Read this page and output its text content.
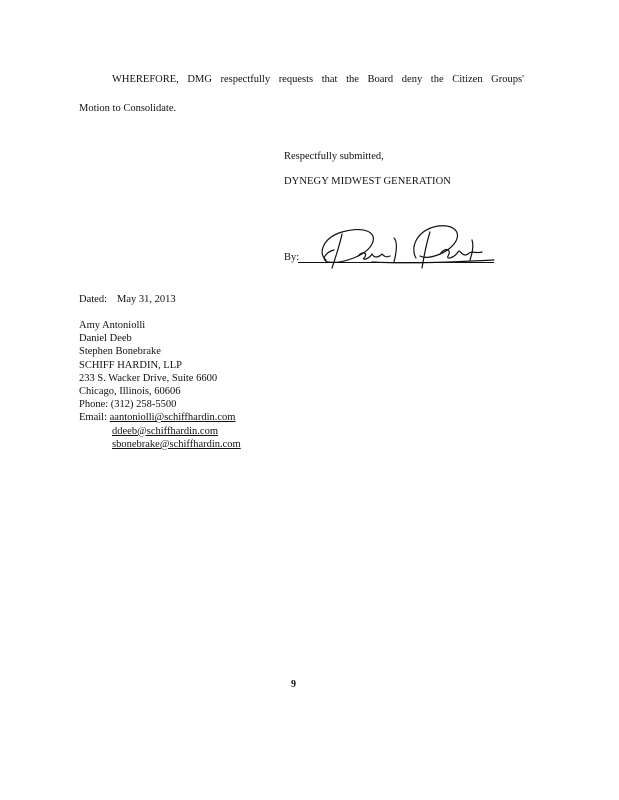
WHEREFORE, DMG respectfully requests that the Board deny the Citizen Groups'
Motion to Consolidate.
Respectfully submitted,
DYNEGY MIDWEST GENERATION
By:
Dated: May 31, 2013
Amy Antoniolli
Daniel Deeb
Stephen Bonebrake
SCHIFF HARDIN, LLP
233 S. Wacker Drive, Suite 6600
Chicago, Illinois, 60606
Phone: (312) 258-5500
Email: aantoniolli@schiffhardin.com
ddeeb@schiffhardin.com
sbonebrake@schiffhardin.com
9
